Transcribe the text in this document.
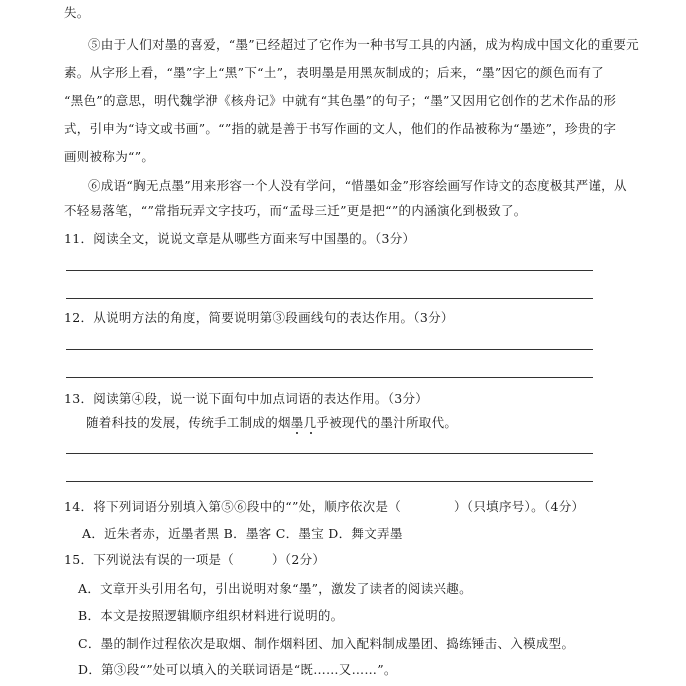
失。
⑤由于人们对墨的喜爱，“墨”已经超过了它作为一种书写工具的内涵，成为构成中国文化的重要元
素。从字形上看，“墨”字上“黑”下“土”，表明墨是用黑灰制成的；后来，“墨”因它的颜色而有了
“黑色”的意思，明代魏学洢《核舟记》中就有“其色墨”的句子；“墨”又因用它创作的艺术作品的形
式，引申为“诗文或书画”。“”指的就是善于书写作画的文人，他们的作品被称为“墨迹”，珍贵的字
画则被称为“”。
⑥成语“胸无点墨”用来形容一个人没有学问，“惜墨如金”形容绘画写作诗文的态度极其严谨，从
不轻易落笔，“”常指玩弄文字技巧，而“孟母三迁”更是把“”的内涵演化到极致了。
11．阅读全文，说说文章是从哪些方面来写中国墨的。（3分）
12．从说明方法的角度，简要说明第③段画线句的表达作用。（3分）
13．阅读第④段，说一说下面句中加点词语的表达作用。（3分）
随着科技的发展，传统手工制成的烟墨几乎被现代的墨汁所取代。
14．将下列词语分别填入第⑤⑥段中的“”处，顺序依次是（	）（只填序号）。（4分）
A．近朱者赤，近墨者黑 B．墨客 C．墨宝 D．舞文弄墨
15．下列说法有误的一项是（	）（2分）
A．文章开头引用名句，引出说明对象“墨”，激发了读者的阅读兴趣。
B．本文是按照逻辑顺序组织材料进行说明的。
C．墨的制作过程依次是取烟、制作烟料团、加入配料制成墨团、捣练锤击、入模成型。
D．第③段“”处可以填入的关联词语是“既……又……”。
